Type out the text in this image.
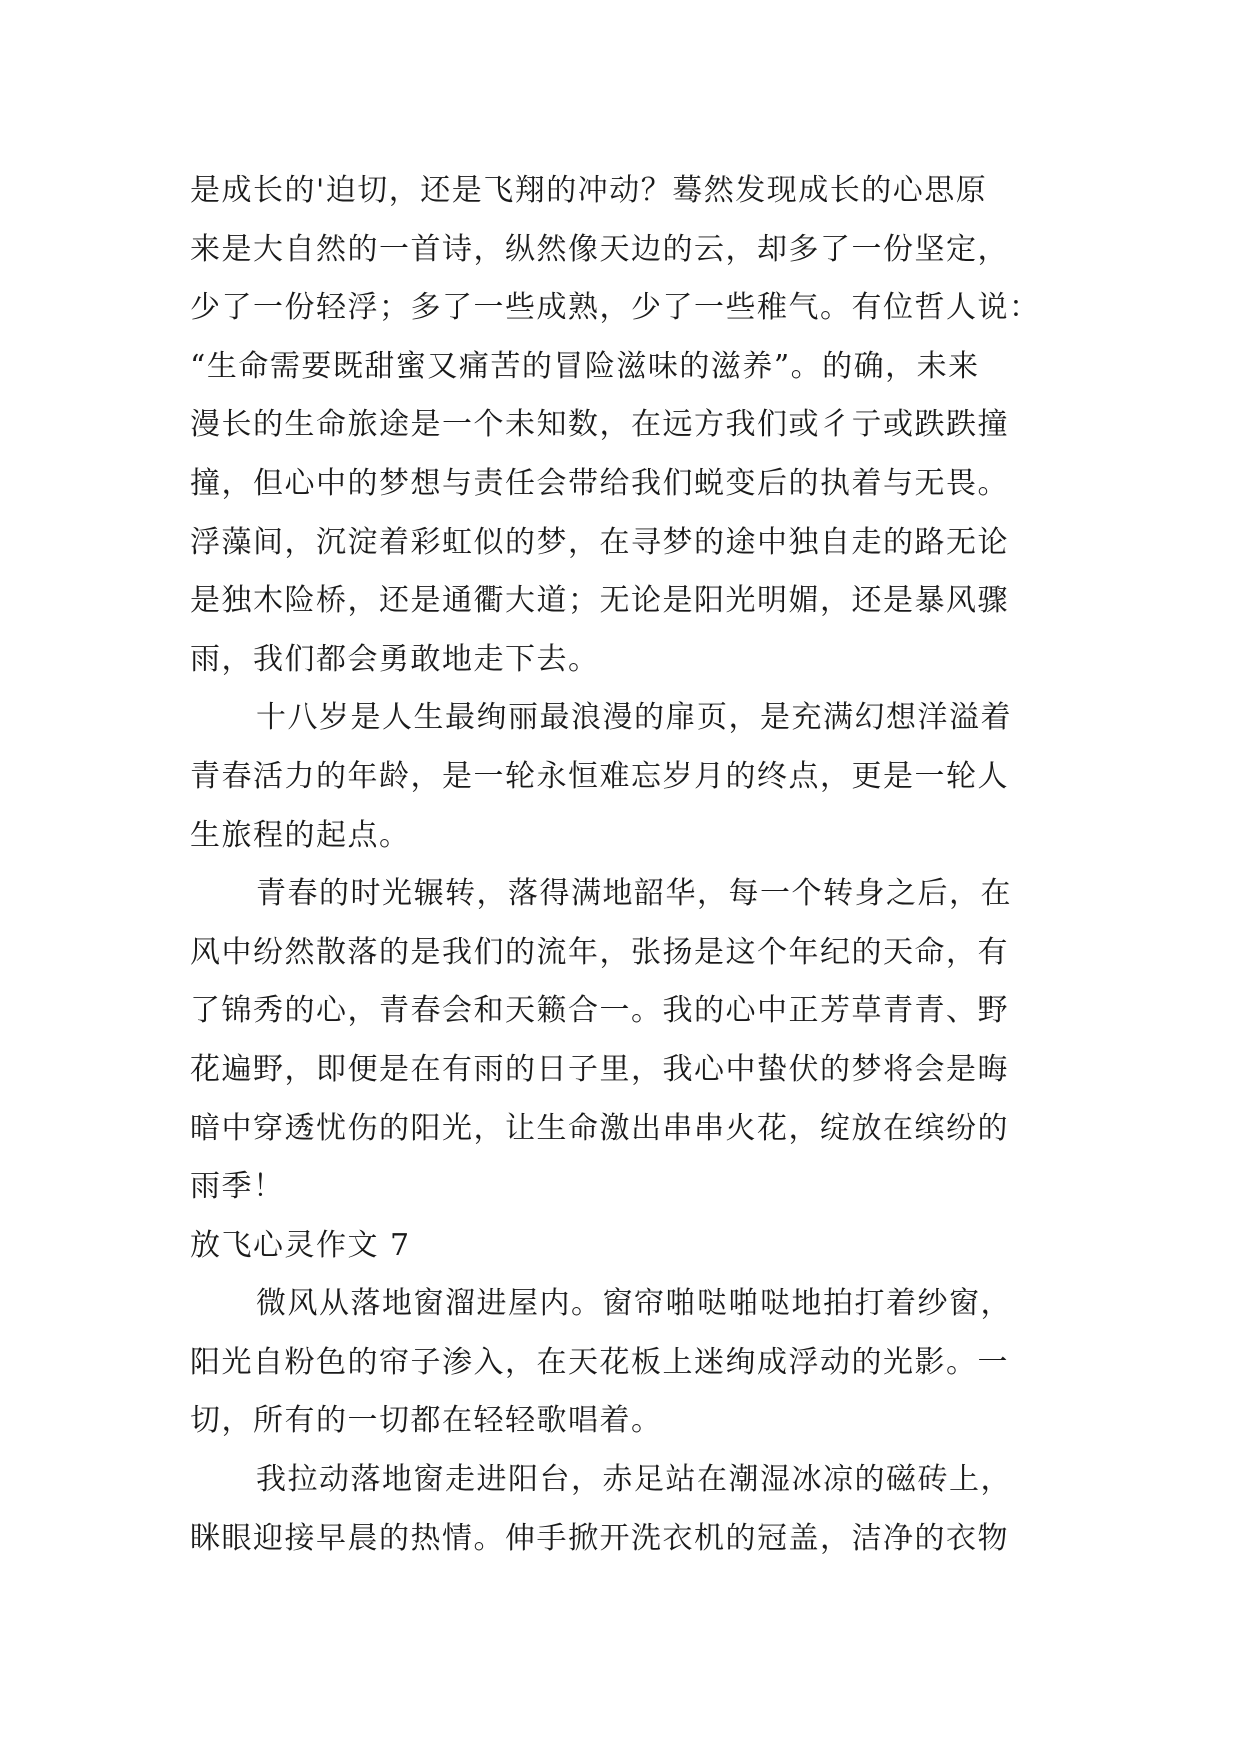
是成长的'迫切，还是飞翔的冲动？蓦然发现成长的心思原
来是大自然的一首诗，纵然像天边的云，却多了一份坚定，
少了一份轻浮；多了一些成熟，少了一些稚气。有位哲人说：
“生命需要既甜蜜又痛苦的冒险滋味的滋养”。的确，未来
漫长的生命旅途是一个未知数，在远方我们或彳亍或跌跌撞
撞，但心中的梦想与责任会带给我们蜕变后的执着与无畏。
浮藻间，沉淀着彩虹似的梦，在寻梦的途中独自走的路无论
是独木险桥，还是通衢大道；无论是阳光明媚，还是暴风骤
雨，我们都会勇敢地走下去。
十八岁是人生最绚丽最浪漫的扉页，是充满幻想洋溢着
青春活力的年龄，是一轮永恒难忘岁月的终点，更是一轮人
生旅程的起点。
青春的时光辗转，落得满地韶华，每一个转身之后，在
风中纷然散落的是我们的流年，张扬是这个年纪的天命，有
了锦秀的心，青春会和天籁合一。我的心中正芳草青青、野
花遍野，即便是在有雨的日子里，我心中蛰伏的梦将会是晦
暗中穿透忧伤的阳光，让生命激出串串火花，绽放在缤纷的
雨季！
放飞心灵作文 7
微风从落地窗溜进屋内。窗帘啪哒啪哒地拍打着纱窗，
阳光自粉色的帘子渗入，在天花板上迷绚成浮动的光影。一
切，所有的一切都在轻轻歌唱着。
我拉动落地窗走进阳台，赤足站在潮湿冰凉的磁砖上，
眯眼迎接早晨的热情。伸手掀开洗衣机的冠盖，洁净的衣物
